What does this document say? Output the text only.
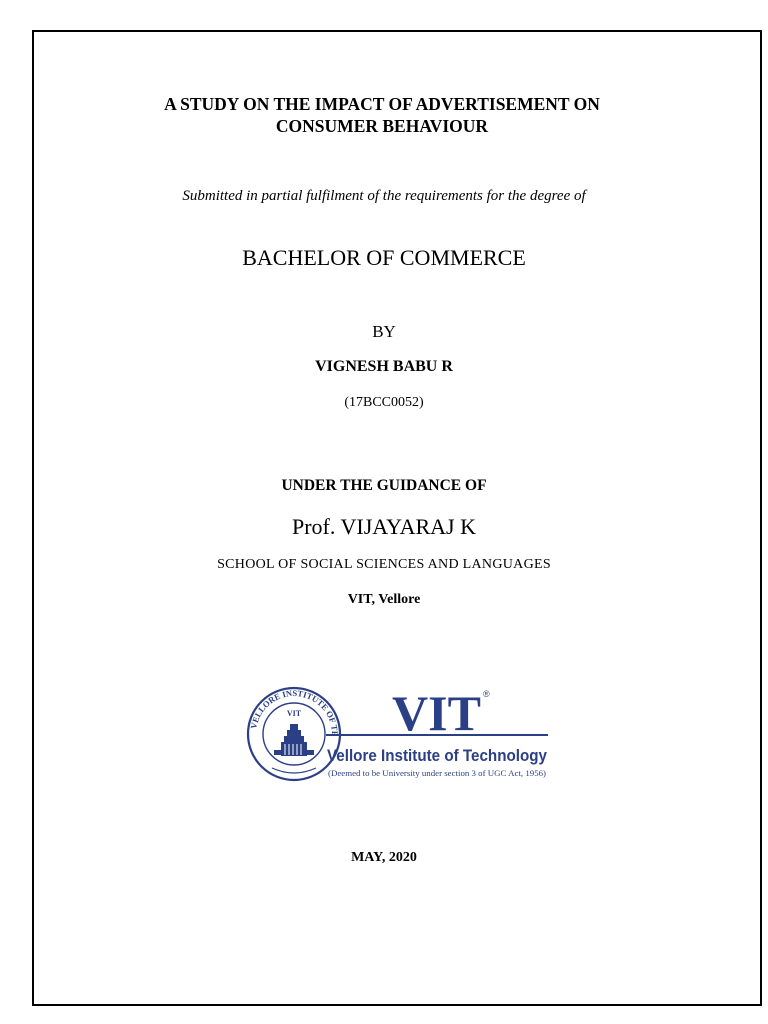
A STUDY ON THE IMPACT OF ADVERTISEMENT ON
CONSUMER BEHAVIOUR
Submitted in partial fulfilment of the requirements for the degree of
BACHELOR OF COMMERCE
BY
VIGNESH BABU R
(17BCC0052)
UNDER THE GUIDANCE OF
Prof. VIJAYARAJ K
SCHOOL OF SOCIAL SCIENCES AND LANGUAGES
VIT, Vellore
VELLORE INSTITUTE OF TE
VIT VIT ®
Vellore Institute of Technology
(Deemed to be University under section 3 of UGC Act, 1956)
MAY, 2020
